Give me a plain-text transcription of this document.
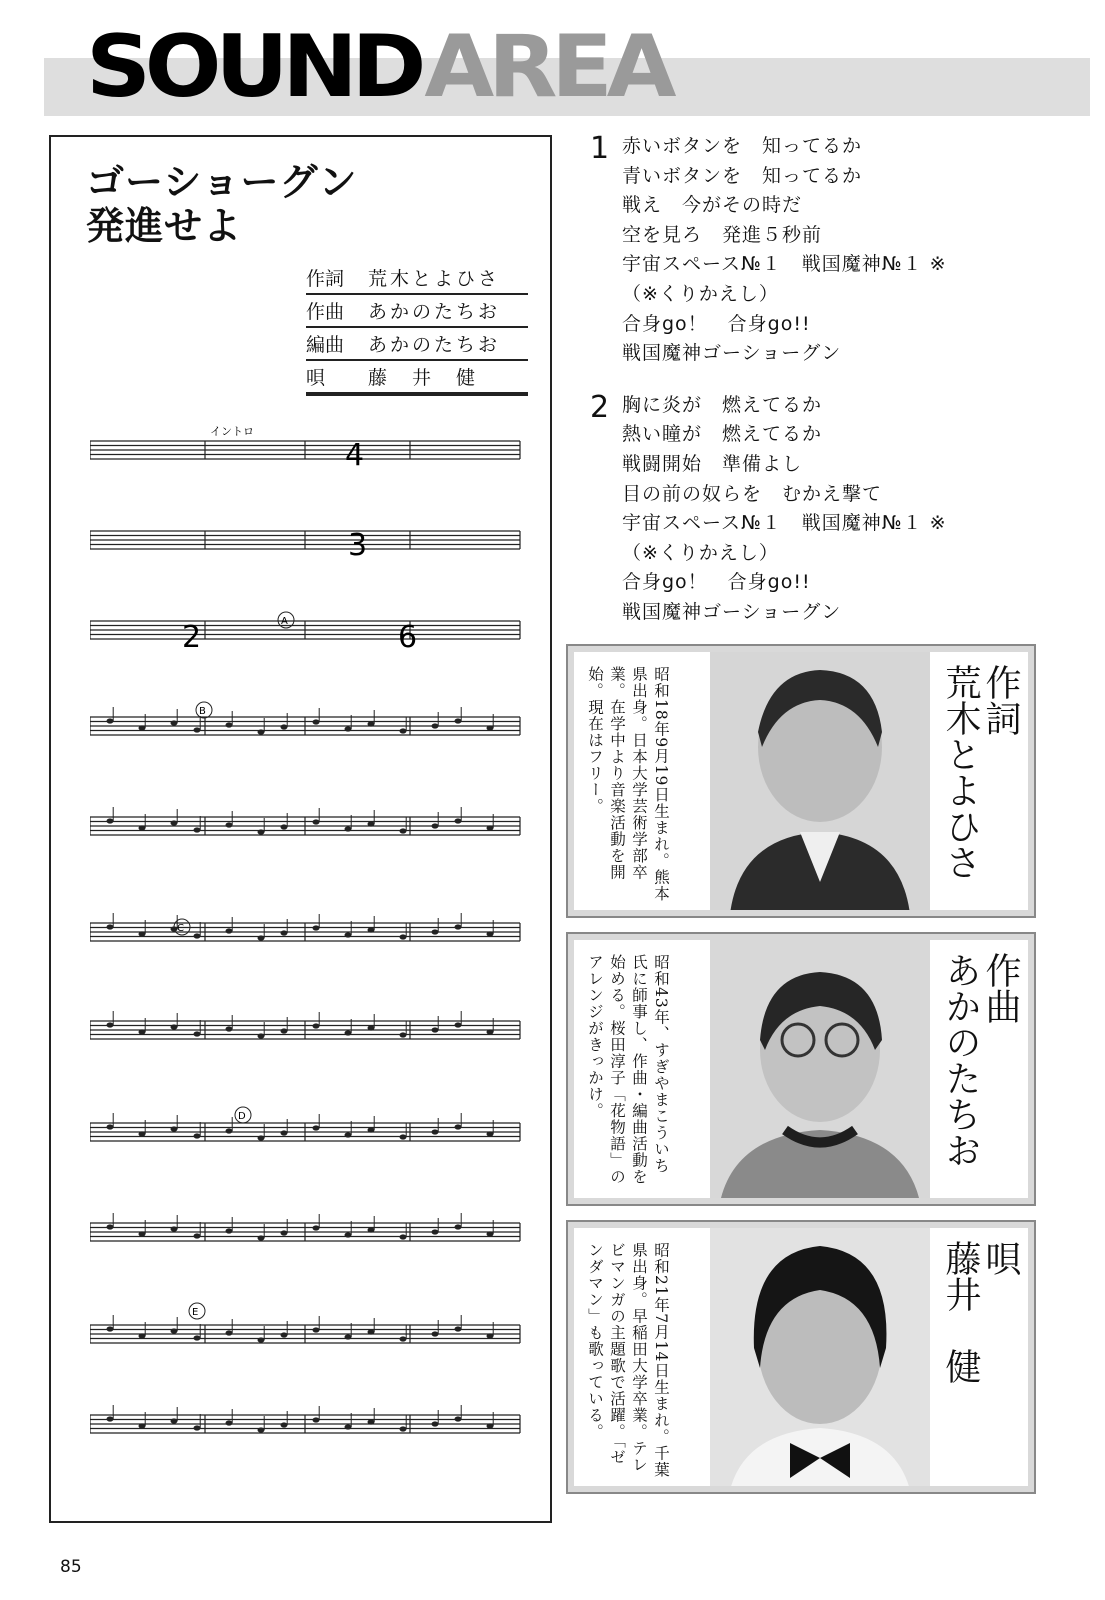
SOUNDAREA
ゴーショーグン
発進せよ
作詞	荒木とよひさ
作曲	あかのたちお
編曲	あかのたちお
唄	藤　井　健
イントロ
4
3
2	6
A
B
C
D
E
1 赤いボタンを　知ってるか
青いボタンを　知ってるか
戦え　今がその時だ
空を見ろ　発進５秒前
宇宙スペース№１　戦国魔神№１ ※
（※くりかえし）
合身go！　合身go!!
戦国魔神ゴーショーグン
2 胸に炎が　燃えてるか
熱い瞳が　燃えてるか
戦闘開始　準備よし
目の前の奴らを　むかえ撃て
宇宙スペース№１　戦国魔神№１ ※
（※くりかえし）
合身go！　合身go!!
戦国魔神ゴーショーグン
昭和18年9月19日生まれ。熊本県出身。日本大学芸術学部卒業。在学中より音楽活動を開始。現在はフリー。	作詞
荒木とよひさ
昭和43年、すぎやまこういち氏に師事し、作曲・編曲活動を始める。桜田淳子「花物語」のアレンジがきっかけ。	作曲
あかのたちお
昭和21年7月14日生まれ。千葉県出身。早稲田大学卒業。テレビマンガの主題歌で活躍。「ゼンダマン」も歌っている。	唄
藤井　健
85
